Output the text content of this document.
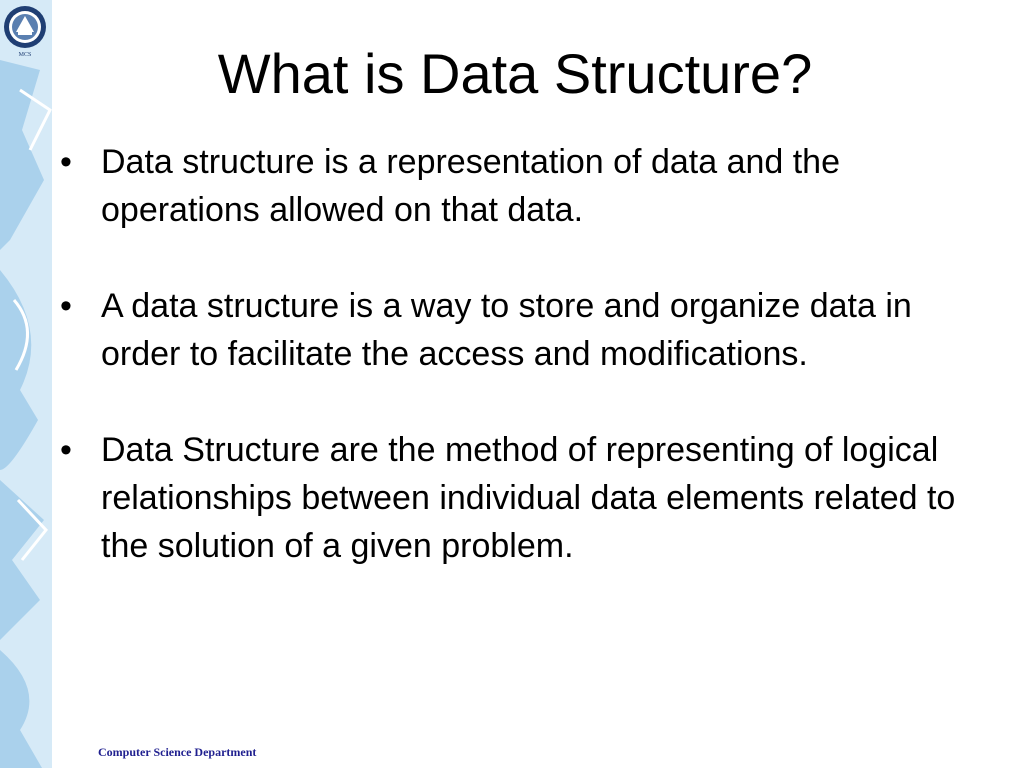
MCS	What is Data Structure?
• Data structure is a representation of data and the operations allowed on that data.
• A data structure is a way to store and organize data in order to facilitate the access and modifications.
• Data Structure are the method of representing of logical relationships between individual data elements related to the solution of a given problem.
Computer Science Department
